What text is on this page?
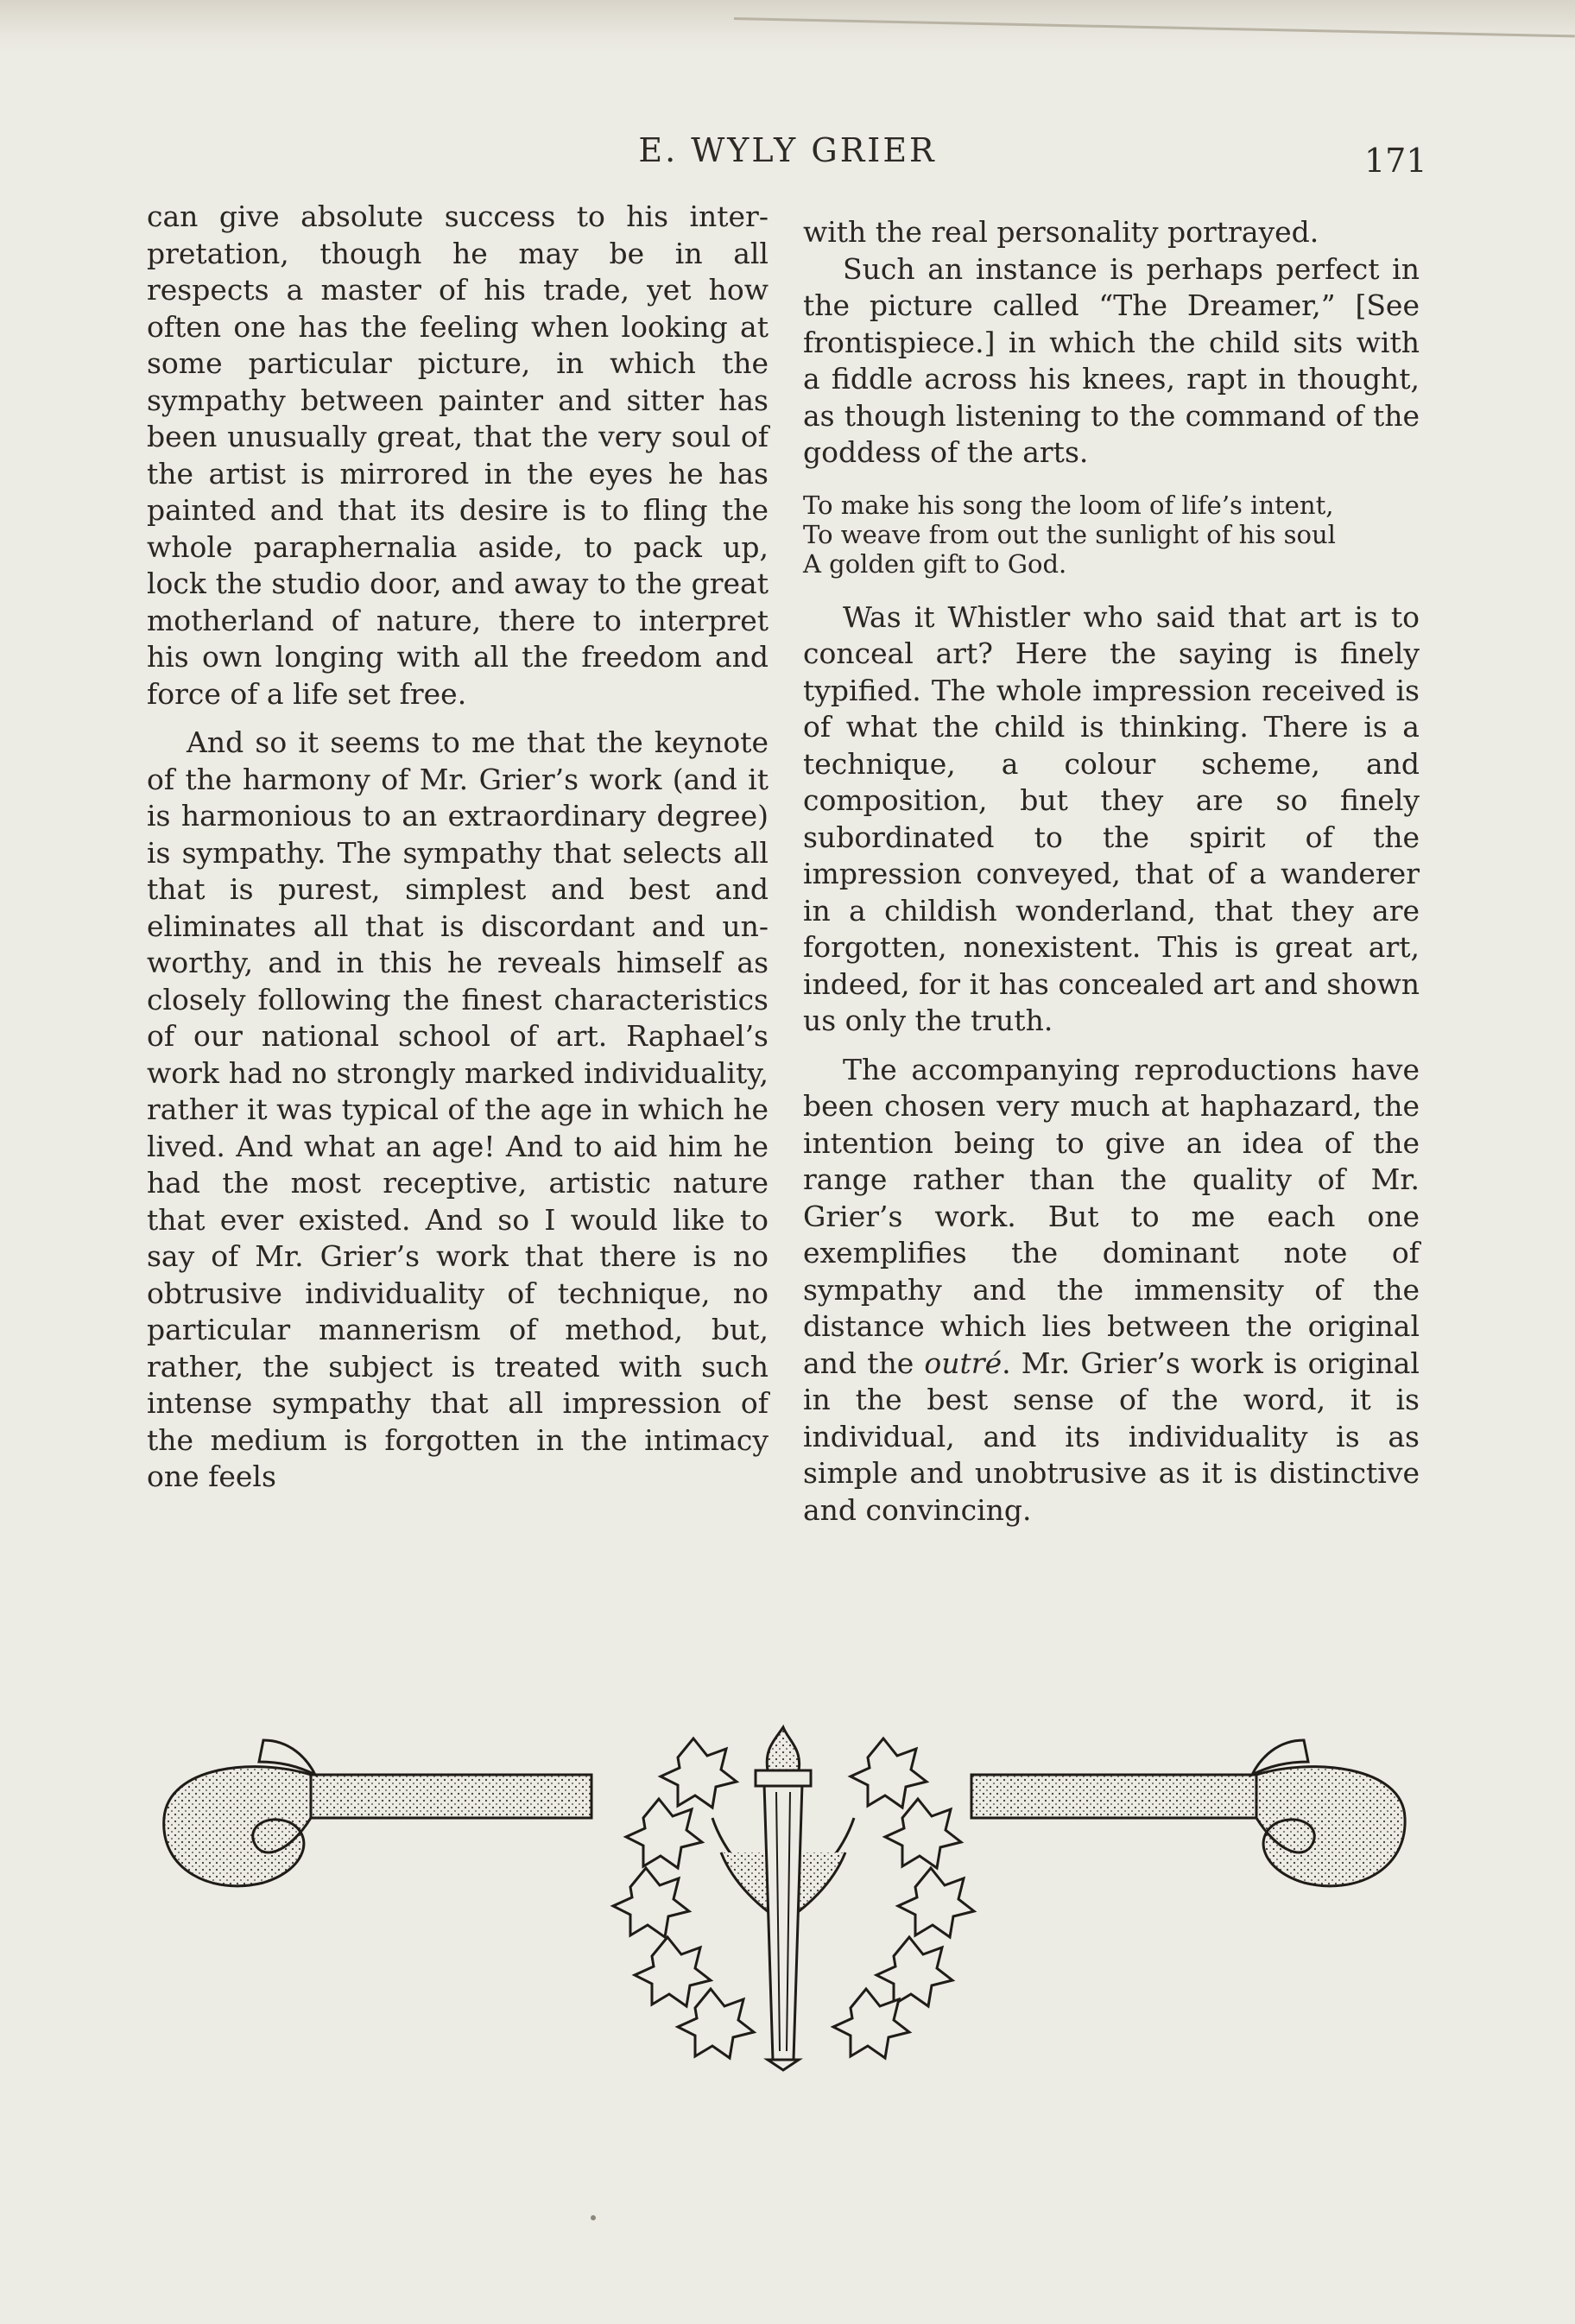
E. WYLY GRIER	171

can give absolute success to his interpretation, though he may be in all respects a master of his trade, yet how often one has the feeling when looking at some particular picture, in which the sympathy between painter and sitter has been unusually great, that the very soul of the artist is mirrored in the eyes he has painted and that its desire is to fling the whole paraphernalia aside, to pack up, lock the studio door, and away to the great motherland of nature, there to interpret his own longing with all the freedom and force of a life set free.

And so it seems to me that the keynote of the harmony of Mr. Grier’s work (and it is harmonious to an extraordinary degree) is sympathy. The sympathy that selects all that is purest, simplest and best and eliminates all that is discordant and unworthy, and in this he reveals himself as closely following the finest characteristics of our national school of art. Raphael’s work had no strongly marked individuality, rather it was typical of the age in which he lived. And what an age! And to aid him he had the most receptive, artistic nature that ever existed. And so I would like to say of Mr. Grier’s work that there is no obtrusive individuality of technique, no particular mannerism of method, but, rather, the subject is treated with such intense sympathy that all impression of the medium is forgotten in the intimacy one feels

with the real personality portrayed.

Such an instance is perhaps perfect in the picture called “The Dreamer,” [See frontispiece.] in which the child sits with a fiddle across his knees, rapt in thought, as though listening to the command of the goddess of the arts.

To make his song the loom of life’s intent,
To weave from out the sunlight of his soul
A golden gift to God.

Was it Whistler who said that art is to conceal art? Here the saying is finely typified. The whole impression received is of what the child is thinking. There is a technique, a colour scheme, and composition, but they are so finely subordinated to the spirit of the impression conveyed, that of a wanderer in a childish wonderland, that they are forgotten, nonexistent. This is great art, indeed, for it has concealed art and shown us only the truth.

The accompanying reproductions have been chosen very much at haphazard, the intention being to give an idea of the range rather than the quality of Mr. Grier’s work. But to me each one exemplifies the dominant note of sympathy and the immensity of the distance which lies between the original and the outré. Mr. Grier’s work is original in the best sense of the word, it is individual, and its individuality is as simple and unobtrusive as it is distinctive and convincing.
